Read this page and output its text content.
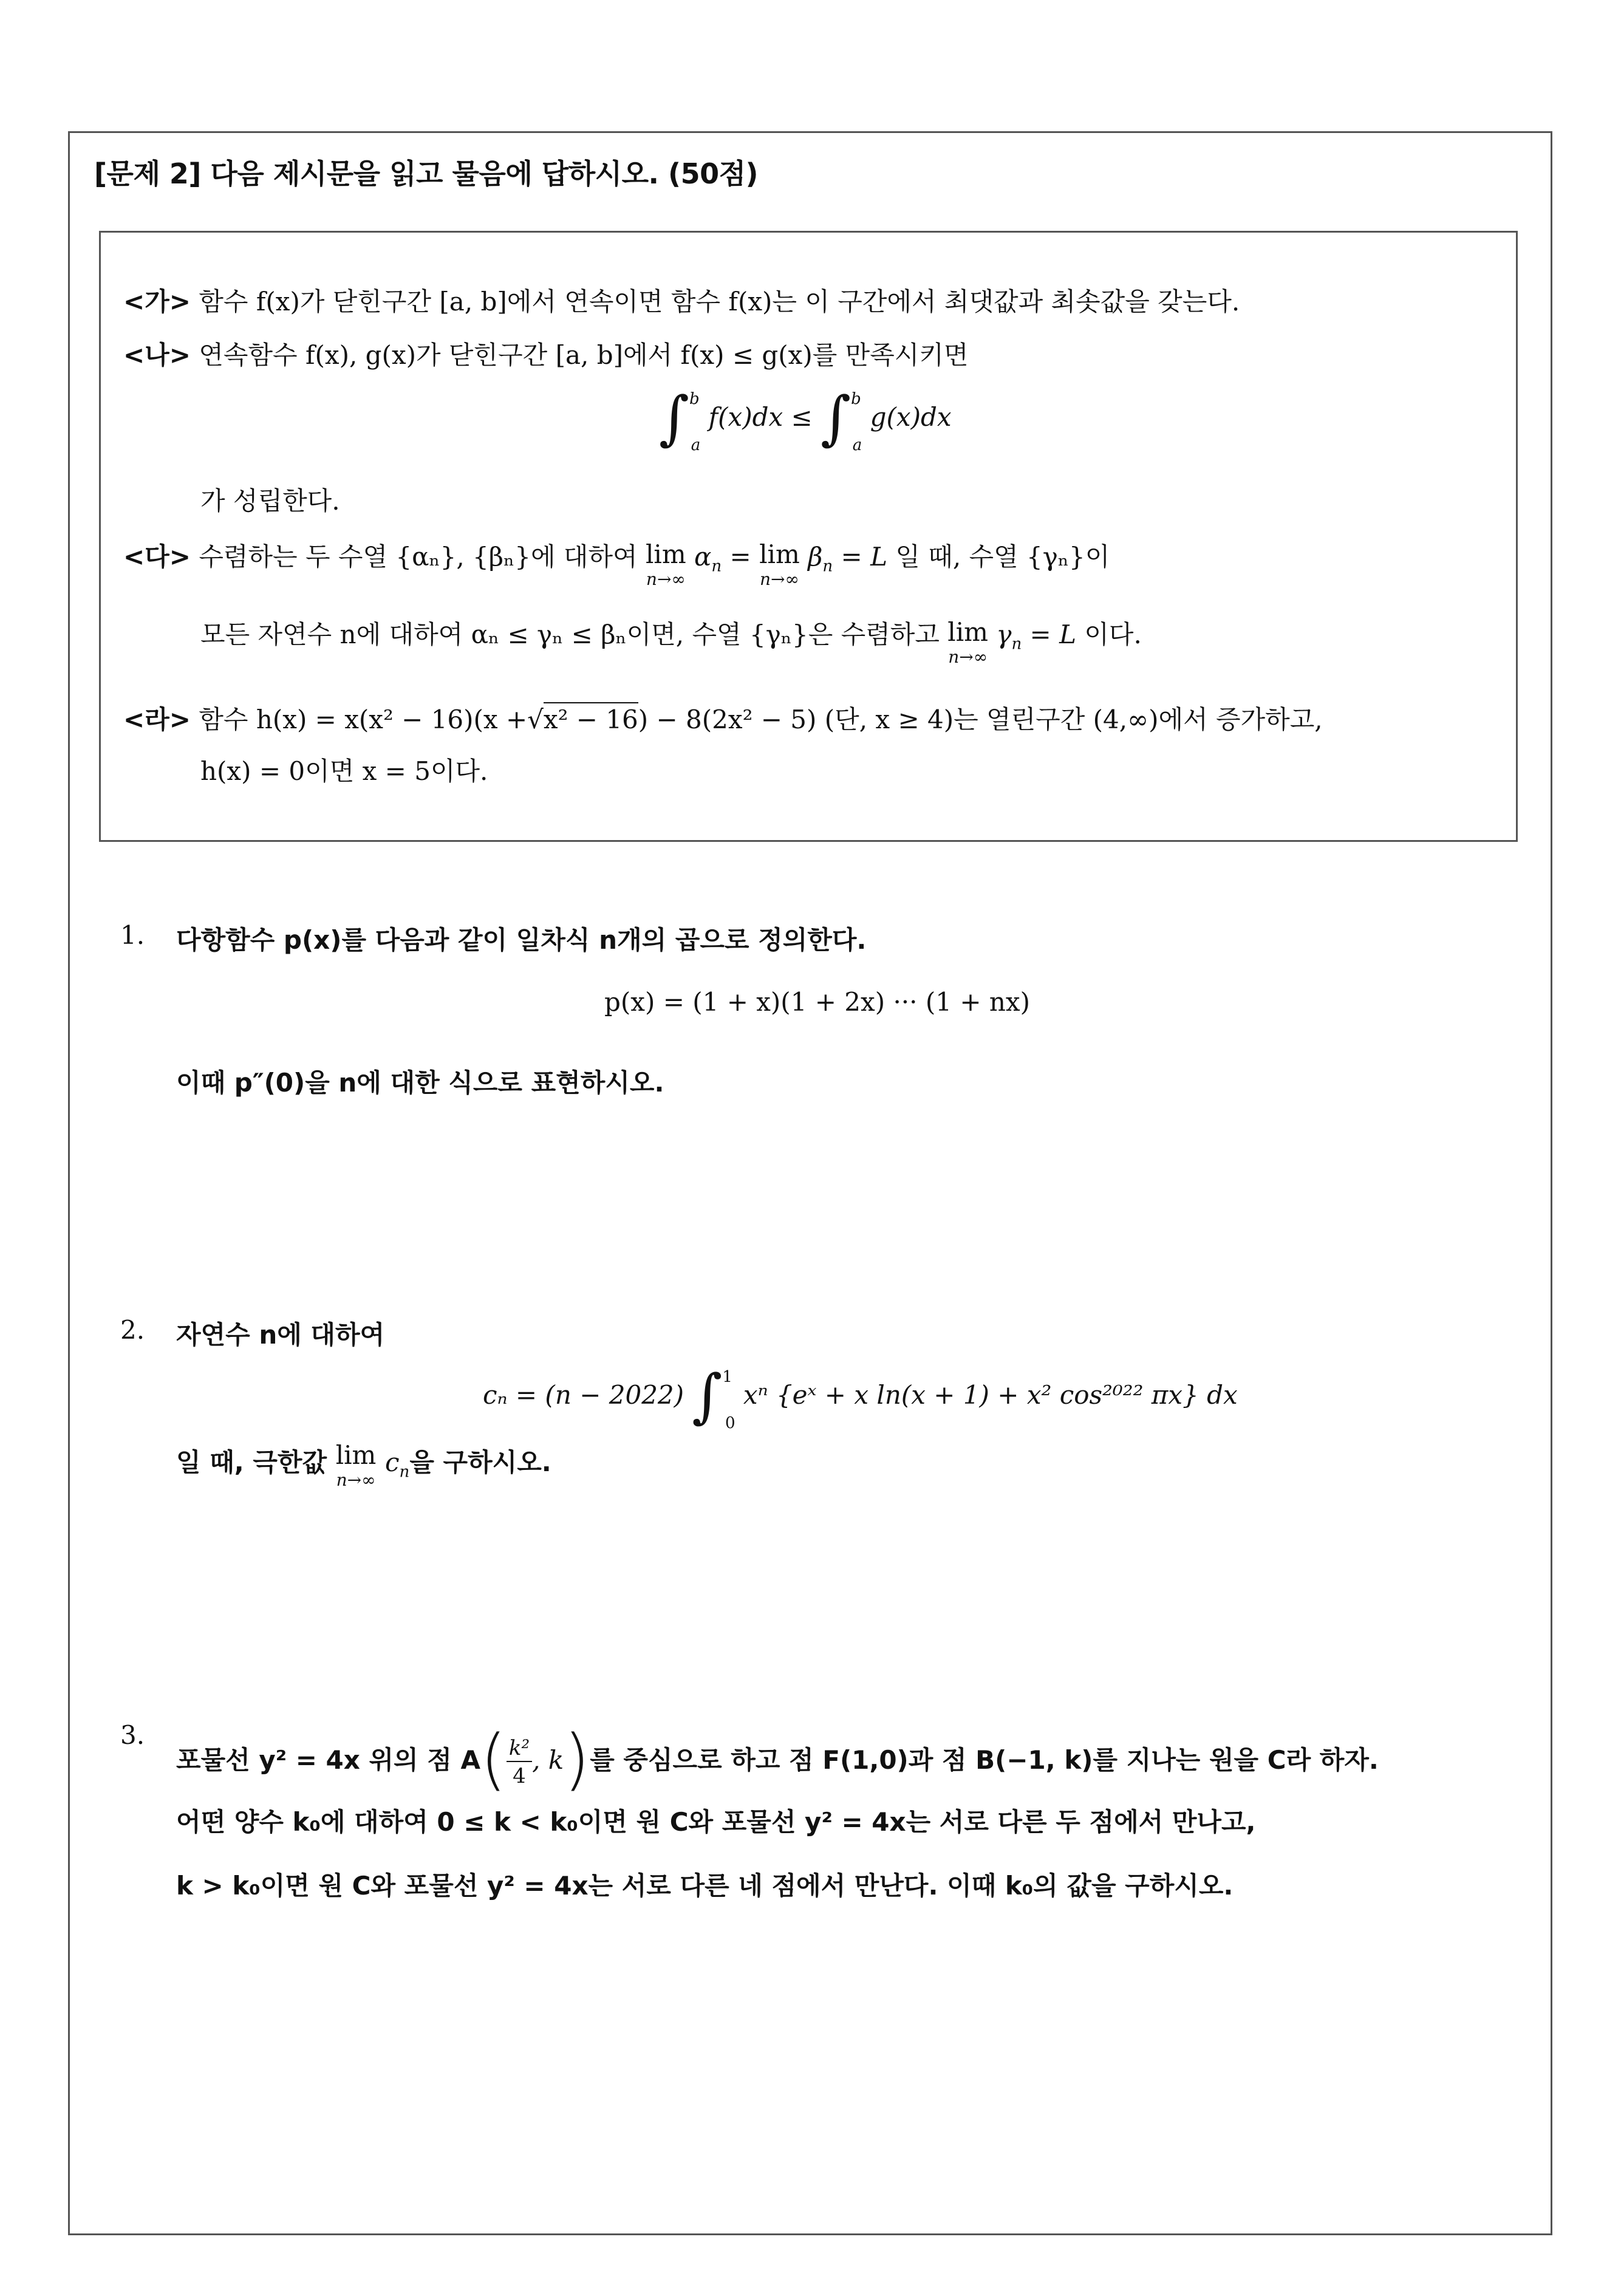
[문제 2] 다음 제시문을 읽고 물음에 답하시오. (50점)
<가> 함수 f(x)가 닫힌구간 [a, b]에서 연속이면 함수 f(x)는 이 구간에서 최댓값과 최솟값을 갖는다.
<나> 연속함수 f(x), g(x)가 닫힌구간 [a, b]에서 f(x) ≤ g(x)를 만족시키면
∫$^b_a$ f(x)dx ≤ ∫$^b_a$ g(x)dx
가 성립한다.
<다> 수렴하는 두 수열 {αₙ}, {βₙ}에 대하여 lim
n→∞
$\alpha_n = \lim$
n→∞
$\beta_n = L$ 일 때, 수열 {γₙ}이
모든 자연수 n에 대하여 αₙ ≤ γₙ ≤ βₙ이면, 수열 {γₙ}은 수렴하고 lim
n→∞
$\gamma_n = L$ 이다.
<라> 함수 h(x) = x(x² − 16)(x +√x² − 16) − 8(2x² − 5) (단, x ≥ 4)는 열린구간 (4,∞)에서 증가하고,
h(x) = 0이면 x = 5이다.
1. 다항함수 p(x)를 다음과 같이 일차식 n개의 곱으로 정의한다.
p(x) = (1 + x)(1 + 2x) ··· (1 + nx)
이때 p″(0)을 n에 대한 식으로 표현하시오.
2. 자연수 n에 대하여
cₙ = (n − 2022) ∫$^1_0$ xⁿ {eˣ + x ln(x + 1) + x² cos²⁰²² πx} dx
일 때, 극한값 lim
n→∞
$c_n$을 구하시오.
3.
포물선 y² = 4x 위의 점 $A( \frac{\text{k²}}{4}$ , k)를 중심으로 하고 점 F(1,0)과 점 B(−1, k)를 지나는 원을 C라 하자.
어떤 양수 k₀에 대하여 0 ≤ k < k₀이면 원 C와 포물선 y² = 4x는 서로 다른 두 점에서 만나고,
k > k₀이면 원 C와 포물선 y² = 4x는 서로 다른 네 점에서 만난다. 이때 k₀의 값을 구하시오.
